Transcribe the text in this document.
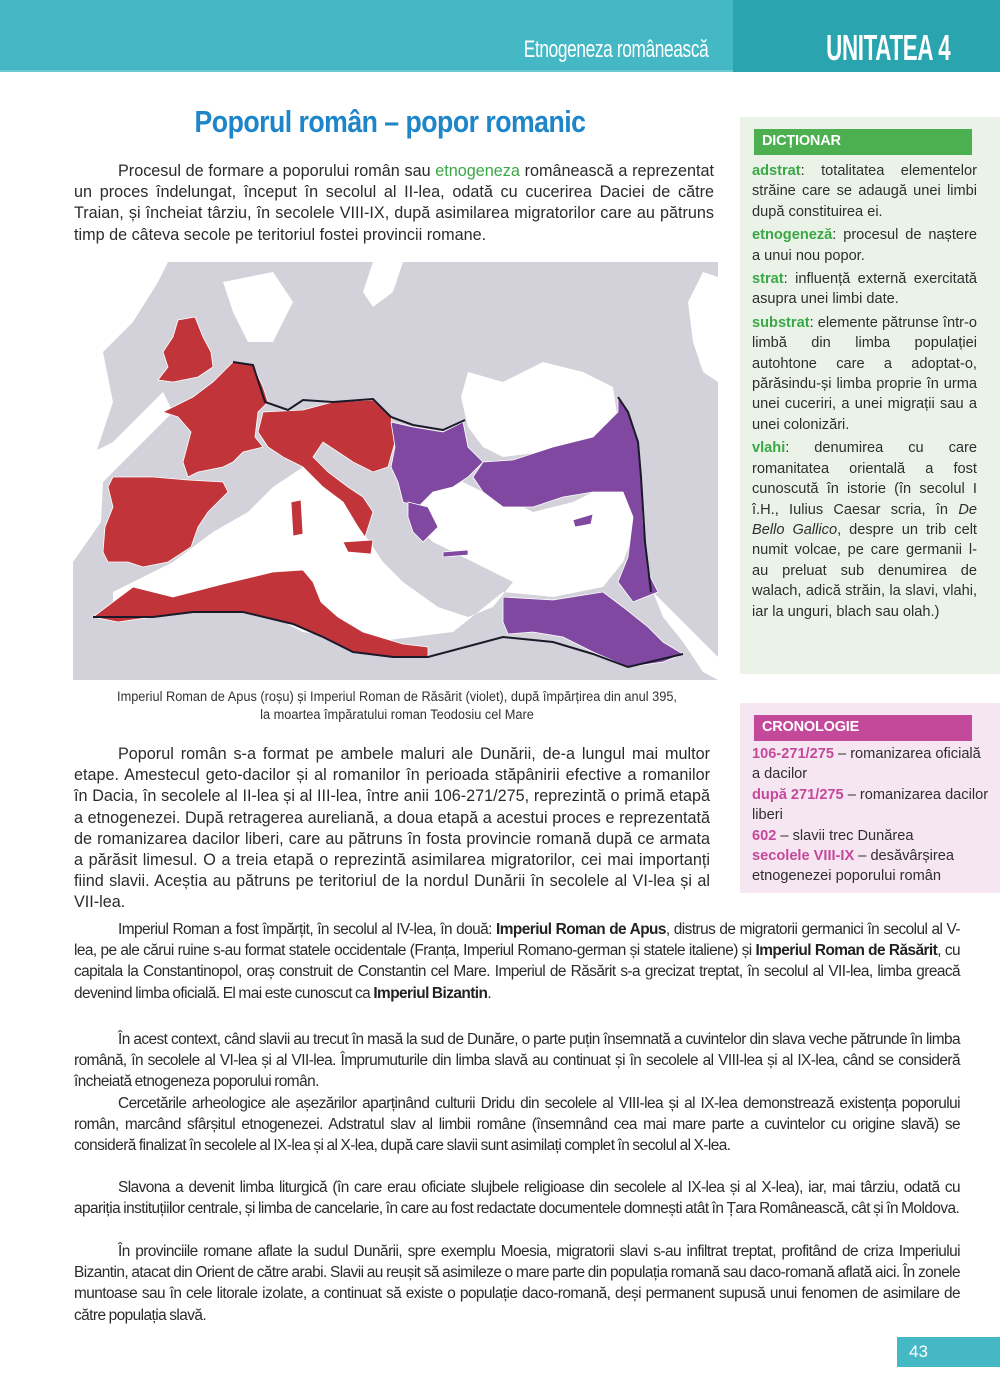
Etnogeneza românească	UNITATEA 4
Poporul român – popor romanic

Procesul de formare a poporului român sau etnogeneza românească a reprezentat un proces îndelungat, început în secolul al II-lea, odată cu cucerirea Daciei de către Traian, și încheiat târziu, în secolele VIII-IX, după asimilarea migratorilor care au pătruns timp de câteva secole pe teritoriul fostei provincii romane.

Imperiul Roman de Apus (roșu) și Imperiul Roman de Răsărit (violet), după împărțirea din anul 395,
la moartea împăratului roman Teodosiu cel Mare
DICȚIONAR
adstrat: totalitatea elementelor străine care se adaugă unei limbi după constituirea ei.
etnogeneză: procesul de naștere a unui nou popor.
strat: influență externă exercitată asupra unei limbi date.
substrat: elemente pătrunse într-o limbă din limba populației autohtone care a adoptat-o, părăsindu-și limba proprie în urma unei cuceriri, a unei migrații sau a unei colonizări.
vlahi: denumirea cu care romanitatea orientală a fost cunoscută în istorie (în secolul I î.H., Iulius Caesar scria, în De Bello Gallico, despre un trib celt numit volcae, pe care germanii l-au preluat sub denumirea de walach, adică străin, la slavi, vlahi, iar la unguri, blach sau olah.)
CRONOLOGIE
106-271/275 – romanizarea oficială a dacilor
după 271/275 – romanizarea dacilor liberi
602 – slavii trec Dunărea
secolele VIII-IX – desăvârșirea etnogenezei poporului român

Poporul român s-a format pe ambele maluri ale Dunării, de-a lungul mai multor etape. Amestecul geto-dacilor și al romanilor în perioada stăpânirii efective a romanilor în Dacia, în secolele al II-lea și al III-lea, între anii 106-271/275, reprezintă o primă etapă a etnogenezei. După retragerea aureliană, a doua etapă a acestui proces e reprezentată de romanizarea dacilor liberi, care au pătruns în fosta provincie romană după ce armata a părăsit limesul. O a treia etapă o reprezintă asimilarea migratorilor, cei mai importanți fiind slavii. Aceștia au pătruns pe teritoriul de la nordul Dunării în secolele al VI-lea și al VII-lea.

Imperiul Roman a fost împărțit, în secolul al IV-lea, în două: Imperiul Roman de Apus, distrus de migratorii germanici în secolul al V-lea, pe ale cărui ruine s-au format statele occidentale (Franța, Imperiul Romano-german și statele italiene) și Imperiul Roman de Răsărit, cu capitala la Constantinopol, oraș construit de Constantin cel Mare. Imperiul de Răsărit s-a grecizat treptat, în secolul al VII-lea, limba greacă devenind limba oficială. El mai este cunoscut ca Imperiul Bizantin.

În acest context, când slavii au trecut în masă la sud de Dunăre, o parte puțin însemnată a cuvintelor din slava veche pătrunde în limba română, în secolele al VI-lea și al VII-lea. Împrumuturile din limba slavă au continuat și în secolele al VIII-lea și al IX-lea, când se consideră încheiată etnogeneza poporului român.

Cercetările arheologice ale așezărilor aparținând culturii Dridu din secolele al VIII-lea și al IX-lea demonstrează existența poporului român, marcând sfârșitul etnogenezei. Adstratul slav al limbii române (însemnând cea mai mare parte a cuvintelor cu origine slavă) se consideră finalizat în secolele al IX-lea și al X-lea, după care slavii sunt asimilați complet în secolul al X-lea.

Slavona a devenit limba liturgică (în care erau oficiate slujbele religioase din secolele al IX-lea și al X-lea), iar, mai târziu, odată cu apariția instituțiilor centrale, și limba de cancelarie, în care au fost redactate documentele domnești atât în Țara Românească, cât și în Moldova.

În provinciile romane aflate la sudul Dunării, spre exemplu Moesia, migratorii slavi s-au infiltrat treptat, profitând de criza Imperiului Bizantin, atacat din Orient de către arabi. Slavii au reușit să asimileze o mare parte din populația romană sau daco-romană aflată aici. În zonele muntoase sau în cele litorale izolate, a continuat să existe o populație daco-romană, deși permanent supusă unui fenomen de asimilare de către populația slavă.

43
